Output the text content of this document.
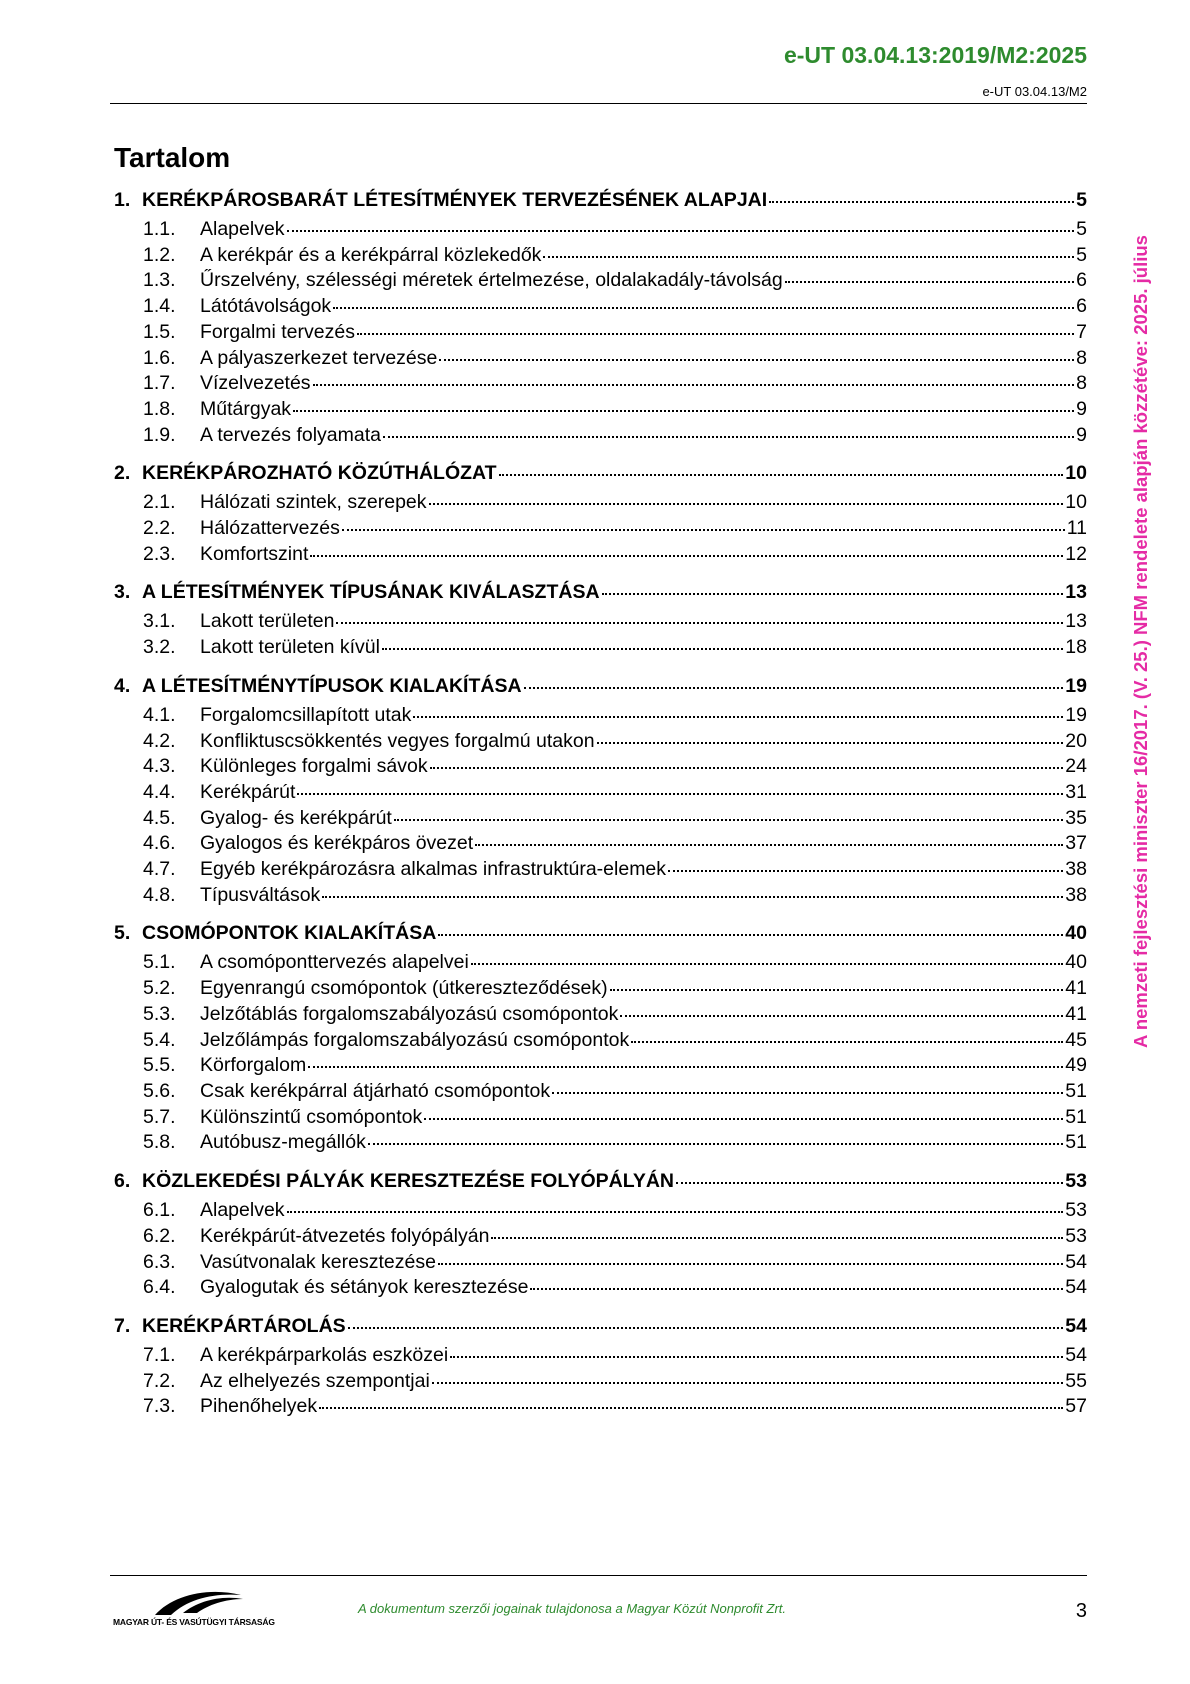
e-UT 03.04.13:2019/M2:2025
e-UT 03.04.13/M2
Tartalom
1. KERÉKPÁROSBARÁT LÉTESÍTMÉNYEK TERVEZÉSÉNEK ALAPJAI	5
1.1.	Alapelvek	5
1.2.	A kerékpár és a kerékpárral közlekedők	5
1.3.	Űrszelvény, szélességi méretek értelmezése, oldalakadály-távolság	6
1.4.	Látótávolságok	6
1.5.	Forgalmi tervezés	7
1.6.	A pályaszerkezet tervezése	8
1.7.	Vízelvezetés	8
1.8.	Műtárgyak	9
1.9.	A tervezés folyamata	9
2. KERÉKPÁROZHATÓ KÖZÚTHÁLÓZAT	10
2.1.	Hálózati szintek, szerepek	10
2.2.	Hálózattervezés	11
2.3.	Komfortszint	12
3. A LÉTESÍTMÉNYEK TÍPUSÁNAK KIVÁLASZTÁSA	13
3.1.	Lakott területen	13
3.2.	Lakott területen kívül	18
4. A LÉTESÍTMÉNYTÍPUSOK KIALAKÍTÁSA	19
4.1.	Forgalomcsillapított utak	19
4.2.	Konfliktuscsökkentés vegyes forgalmú utakon	20
4.3.	Különleges forgalmi sávok	24
4.4.	Kerékpárút	31
4.5.	Gyalog- és kerékpárút	35
4.6.	Gyalogos és kerékpáros övezet	37
4.7.	Egyéb kerékpározásra alkalmas infrastruktúra-elemek	38
4.8.	Típusváltások	38
5. CSOMÓPONTOK KIALAKÍTÁSA	40
5.1.	A csomóponttervezés alapelvei	40
5.2.	Egyenrangú csomópontok (útkereszteződések)	41
5.3.	Jelzőtáblás forgalomszabályozású csomópontok	41
5.4.	Jelzőlámpás forgalomszabályozású csomópontok	45
5.5.	Körforgalom	49
5.6.	Csak kerékpárral átjárható csomópontok	51
5.7.	Különszintű csomópontok	51
5.8.	Autóbusz-megállók	51
6. KÖZLEKEDÉSI PÁLYÁK KERESZTEZÉSE FOLYÓPÁLYÁN	53
6.1.	Alapelvek	53
6.2.	Kerékpárút-átvezetés folyópályán	53
6.3.	Vasútvonalak keresztezése	54
6.4.	Gyalogutak és sétányok keresztezése	54
7. KERÉKPÁRTÁROLÁS	54
7.1.	A kerékpárparkolás eszközei	54
7.2.	Az elhelyezés szempontjai	55
7.3.	Pihenőhelyek	57
A nemzeti fejlesztési miniszter 16/2017. (V. 25.) NFM rendelete alapján közzétéve: 2025. július
MAGYAR ÚT- ÉS VASÚTÜGYI TÁRSASÁG
A dokumentum szerzői jogainak tulajdonosa a Magyar Közút Nonprofit Zrt.	3
